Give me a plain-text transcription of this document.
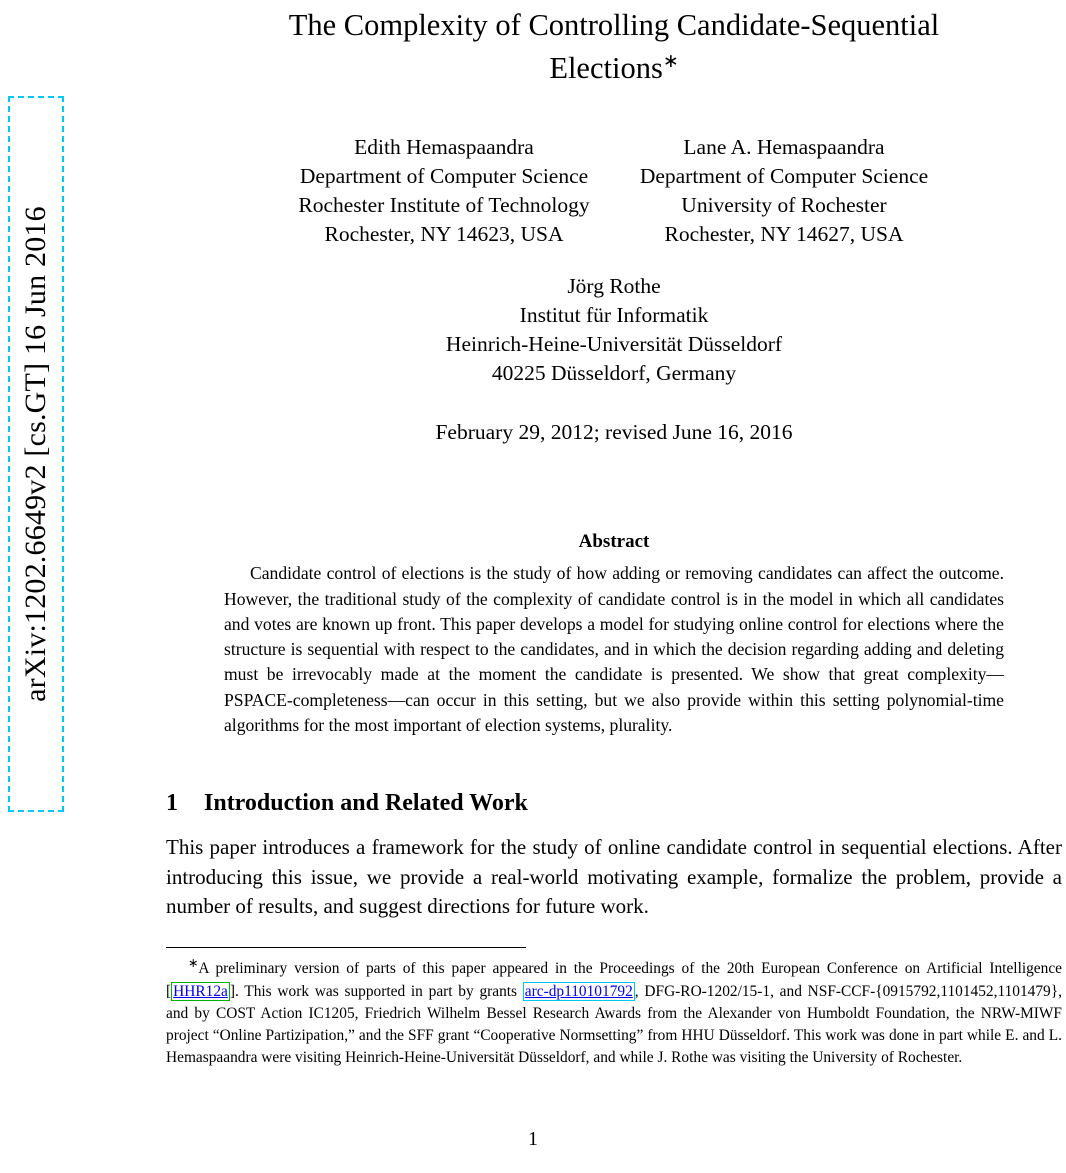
arXiv:1202.6649v2 [cs.GT] 16 Jun 2016
The Complexity of Controlling Candidate-Sequential
Elections∗
Edith Hemaspaandra
Department of Computer Science
Rochester Institute of Technology
Rochester, NY 14623, USA
Lane A. Hemaspaandra
Department of Computer Science
University of Rochester
Rochester, NY 14627, USA
Jörg Rothe
Institut für Informatik
Heinrich-Heine-Universität Düsseldorf
40225 Düsseldorf, Germany
February 29, 2012; revised June 16, 2016
Abstract
Candidate control of elections is the study of how adding or removing candidates can affect the outcome. However, the traditional study of the complexity of candidate control is in the model in which all candidates and votes are known up front. This paper develops a model for studying online control for elections where the structure is sequential with respect to the candidates, and in which the decision regarding adding and deleting must be irrevocably made at the moment the candidate is presented. We show that great complexity—PSPACE-completeness—can occur in this setting, but we also provide within this setting polynomial-time algorithms for the most important of election systems, plurality.
1 Introduction and Related Work
This paper introduces a framework for the study of online candidate control in sequential elections. After introducing this issue, we provide a real-world motivating example, formalize the problem, provide a number of results, and suggest directions for future work.
∗A preliminary version of parts of this paper appeared in the Proceedings of the 20th European Conference on Artificial Intelligence [ HHR12a ]. This work was supported in part by grants arc-dp110101792 , DFG-RO-1202/15-1, and NSF-CCF-{0915792,1101452,1101479}, and by COST Action IC1205, Friedrich Wilhelm Bessel Research Awards from the Alexander von Humboldt Foundation, the NRW-MIWF project “Online Partizipation,” and the SFF grant “Cooperative Normsetting” from HHU Düsseldorf. This work was done in part while E. and L. Hemaspaandra were visiting Heinrich-Heine-Universität Düsseldorf, and while J. Rothe was visiting the University of Rochester.
1
